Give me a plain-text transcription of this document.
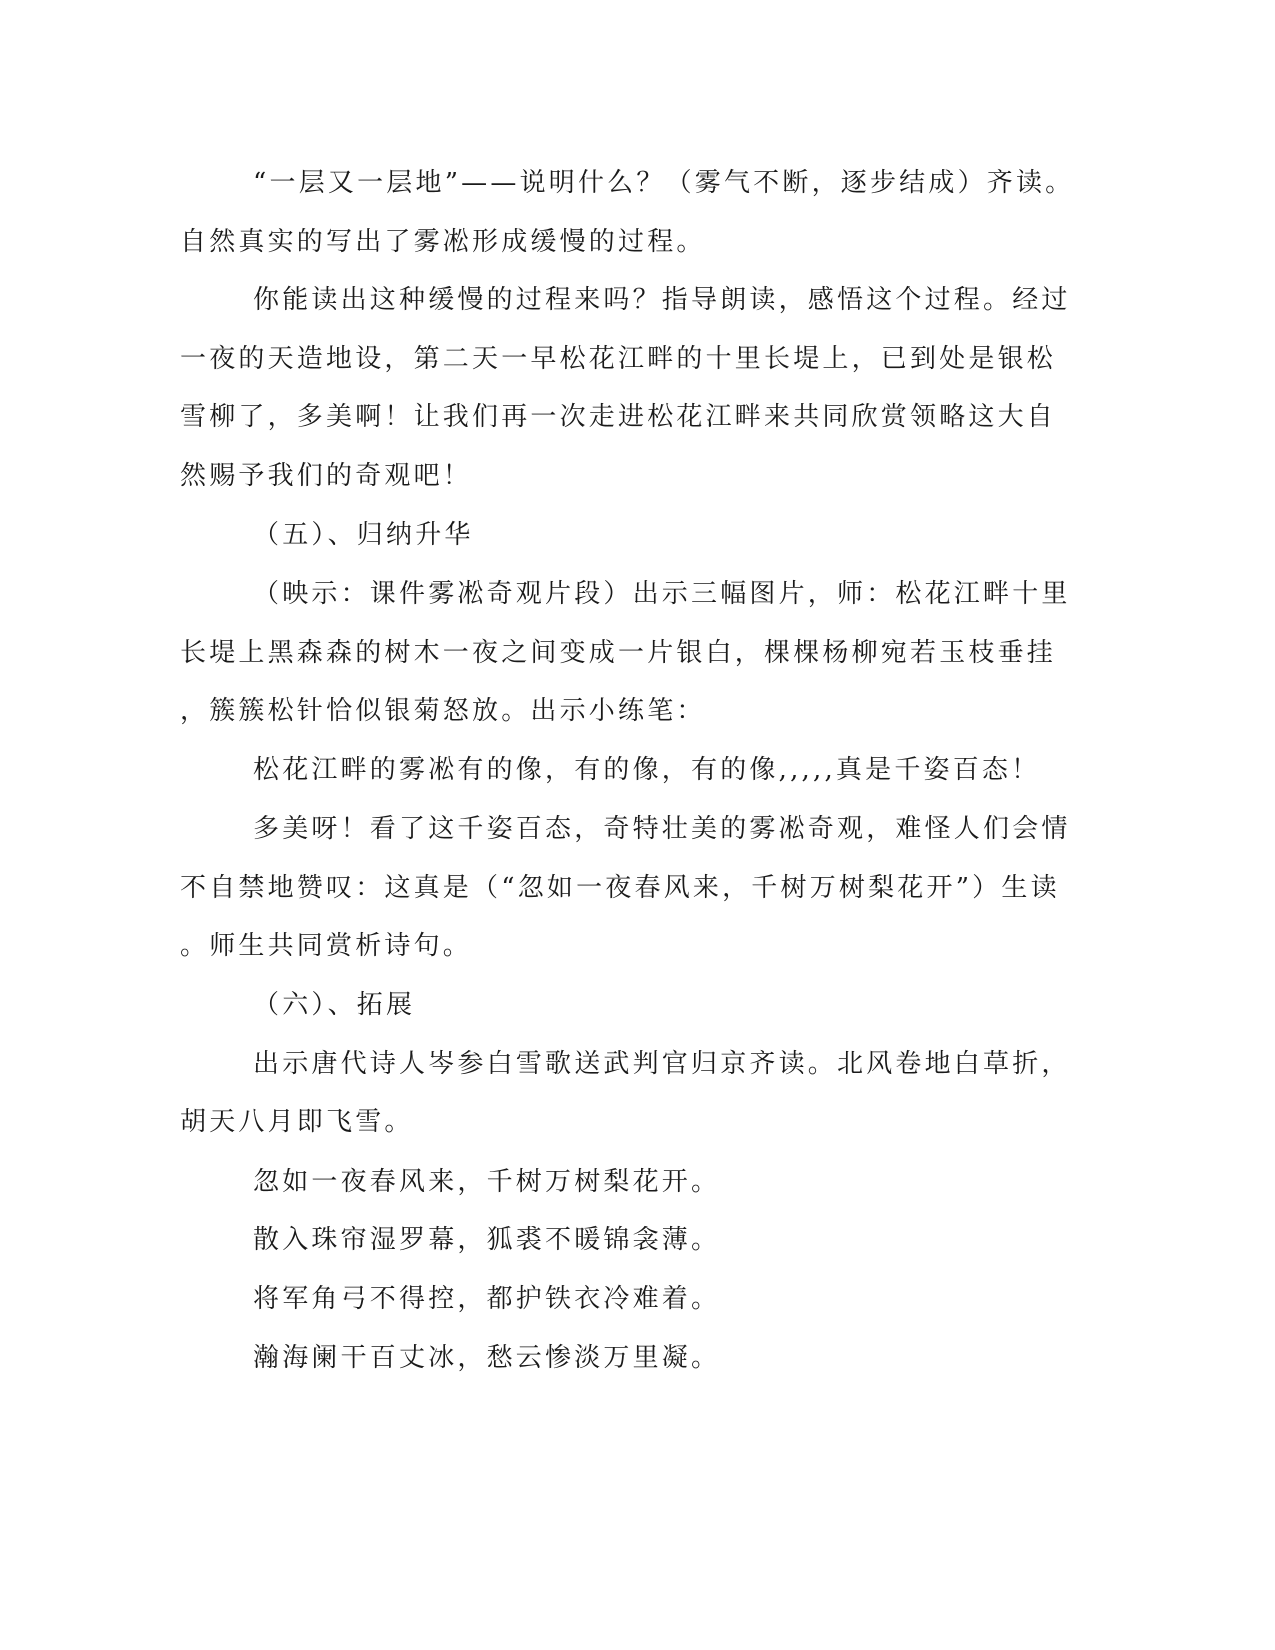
“一层又一层地”——说明什么？（雾气不断，逐步结成）齐读。
自然真实的写出了雾凇形成缓慢的过程。
你能读出这种缓慢的过程来吗？指导朗读，感悟这个过程。经过
一夜的天造地设，第二天一早松花江畔的十里长堤上，已到处是银松
雪柳了，多美啊！让我们再一次走进松花江畔来共同欣赏领略这大自
然赐予我们的奇观吧！
（五）、归纳升华
（映示：课件雾凇奇观片段）出示三幅图片，师：松花江畔十里
长堤上黑森森的树木一夜之间变成一片银白，棵棵杨柳宛若玉枝垂挂
，簇簇松针恰似银菊怒放。出示小练笔：
松花江畔的雾凇有的像，有的像，有的像,,,,,真是千姿百态！
多美呀！看了这千姿百态，奇特壮美的雾凇奇观，难怪人们会情
不自禁地赞叹：这真是（“忽如一夜春风来，千树万树梨花开”）生读
。师生共同赏析诗句。
（六）、拓展
出示唐代诗人岑参白雪歌送武判官归京齐读。北风卷地白草折，
胡天八月即飞雪。
忽如一夜春风来，千树万树梨花开。
散入珠帘湿罗幕，狐裘不暖锦衾薄。
将军角弓不得控，都护铁衣冷难着。
瀚海阑干百丈冰，愁云惨淡万里凝。
